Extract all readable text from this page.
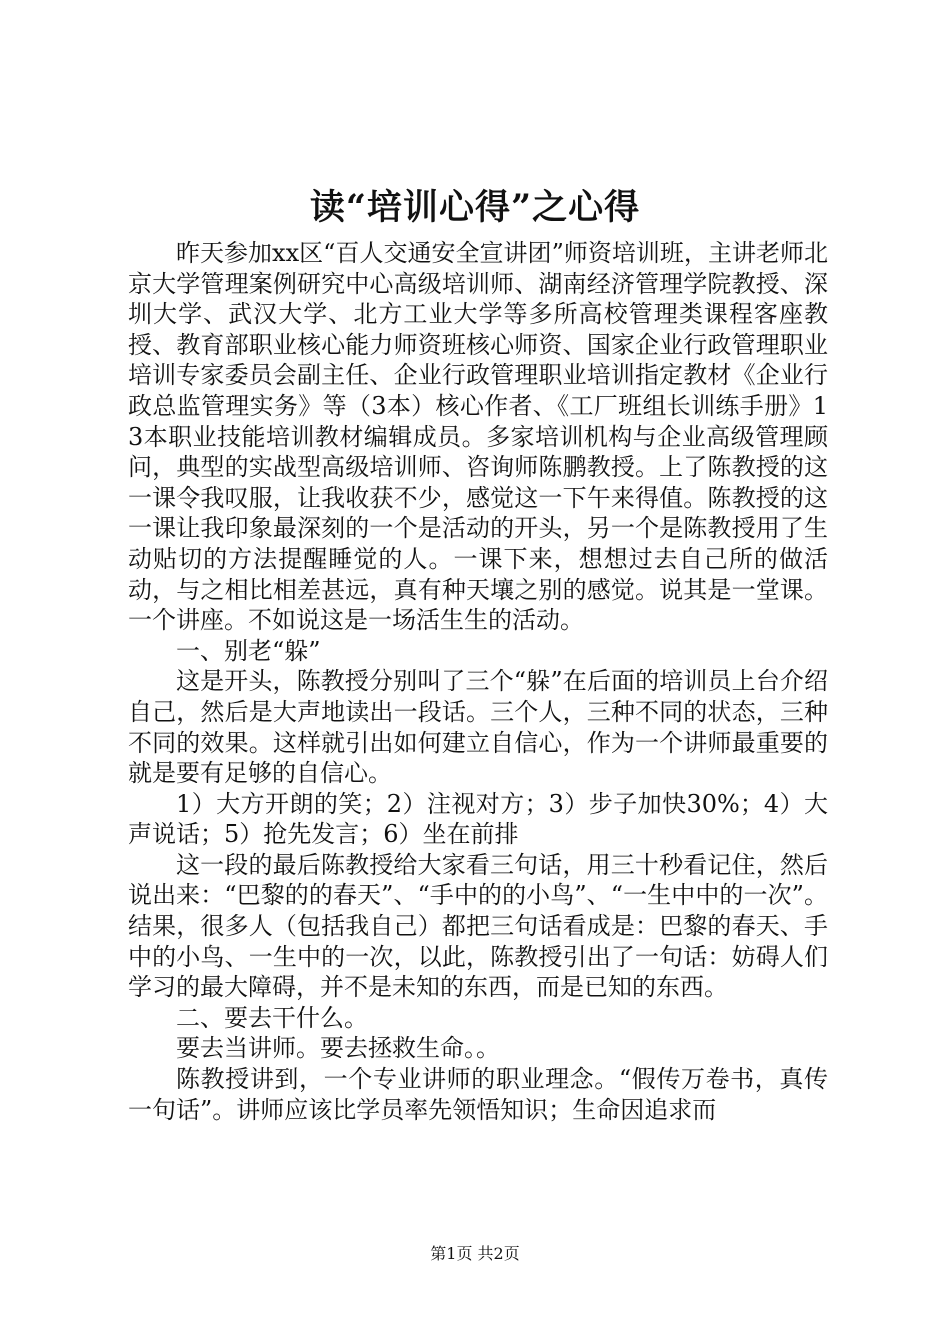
读“培训心得”之心得

昨天参加xx区“百人交通安全宣讲团”师资培训班，主讲老师北京大学管理案例研究中心高级培训师、湖南经济管理学院教授、深圳大学、武汉大学、北方工业大学等多所高校管理类课程客座教授、教育部职业核心能力师资班核心师资、国家企业行政管理职业培训专家委员会副主任、企业行政管理职业培训指定教材《企业行政总监管理实务》等（3本）核心作者、《工厂班组长训练手册》13本职业技能培训教材编辑成员。多家培训机构与企业高级管理顾问，典型的实战型高级培训师、咨询师陈鹏教授。上了陈教授的这一课令我叹服，让我收获不少，感觉这一下午来得值。陈教授的这一课让我印象最深刻的一个是活动的开头，另一个是陈教授用了生动贴切的方法提醒睡觉的人。一课下来，想想过去自己所的做活动，与之相比相差甚远，真有种天壤之别的感觉。说其是一堂课。一个讲座。不如说这是一场活生生的活动。

一、别老“躲”

这是开头，陈教授分别叫了三个“躲”在后面的培训员上台介绍自己，然后是大声地读出一段话。三个人，三种不同的状态，三种不同的效果。这样就引出如何建立自信心，作为一个讲师最重要的就是要有足够的自信心。

1）大方开朗的笑；2）注视对方；3）步子加快30%；4）大声说话；5）抢先发言；6）坐在前排

这一段的最后陈教授给大家看三句话，用三十秒看记住，然后说出来：“巴黎的的春天”、“手中的的小鸟”、“一生中中的一次”。结果，很多人（包括我自己）都把三句话看成是：巴黎的春天、手中的小鸟、一生中的一次，以此，陈教授引出了一句话：妨碍人们学习的最大障碍，并不是未知的东西，而是已知的东西。

二、要去干什么。

要去当讲师。要去拯救生命。。

陈教授讲到，一个专业讲师的职业理念。“假传万卷书，真传一句话”。讲师应该比学员率先领悟知识；生命因追求而

第1页 共2页
